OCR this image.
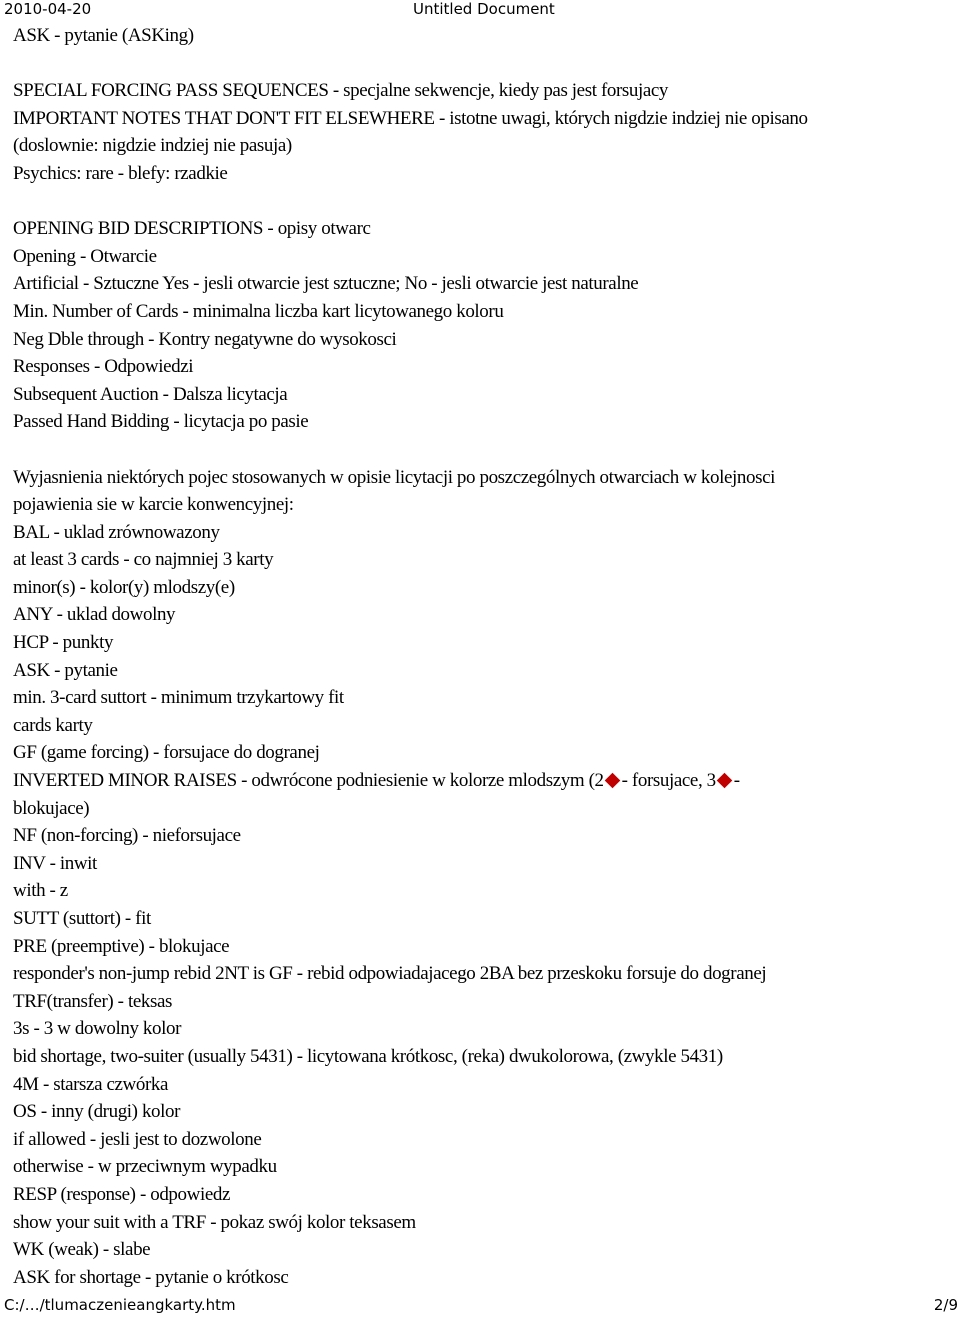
2010-04-20	Untitled Document
ASK - pytanie (ASKing)
SPECIAL FORCING PASS SEQUENCES - specjalne sekwencje, kiedy pas jest forsujacy
IMPORTANT NOTES THAT DON'T FIT ELSEWHERE - istotne uwagi, których nigdzie indziej nie opisano
(doslownie: nigdzie indziej nie pasuja)
Psychics: rare - blefy: rzadkie
OPENING BID DESCRIPTIONS - opisy otwarc
Opening - Otwarcie
Artificial - Sztuczne Yes - jesli otwarcie jest sztuczne; No - jesli otwarcie jest naturalne
Min. Number of Cards - minimalna liczba kart licytowanego koloru
Neg Dble through - Kontry negatywne do wysokosci
Responses - Odpowiedzi
Subsequent Auction - Dalsza licytacja
Passed Hand Bidding - licytacja po pasie
Wyjasnienia niektórych pojec stosowanych w opisie licytacji po poszczególnych otwarciach w kolejnosci
pojawienia sie w karcie konwencyjnej:
BAL - uklad zrównowazony
at least 3 cards - co najmniej 3 karty
minor(s) - kolor(y) mlodszy(e)
ANY - uklad dowolny
HCP - punkty
ASK - pytanie
min. 3-card suttort - minimum trzykartowy fit
cards karty
GF (game forcing) - forsujace do dogranej
INVERTED MINOR RAISES - odwrócone podniesienie w kolorze mlodszym (2 - forsujace, 3 -
blokujace)
NF (non-forcing) - nieforsujace
INV - inwit
with - z
SUTT (suttort) - fit
PRE (preemptive) - blokujace
responder's non-jump rebid 2NT is GF - rebid odpowiadajacego 2BA bez przeskoku forsuje do dogranej
TRF(transfer) - teksas
3s - 3 w dowolny kolor
bid shortage, two-suiter (usually 5431) - licytowana krótkosc, (reka) dwukolorowa, (zwykle 5431)
4M - starsza czwórka
OS - inny (drugi) kolor
if allowed - jesli jest to dozwolone
otherwise - w przeciwnym wypadku
RESP (response) - odpowiedz
show your suit with a TRF - pokaz swój kolor teksasem
WK (weak) - slabe
ASK for shortage - pytanie o krótkosc
C:/…/tlumaczenieangkarty.htm	2/9
